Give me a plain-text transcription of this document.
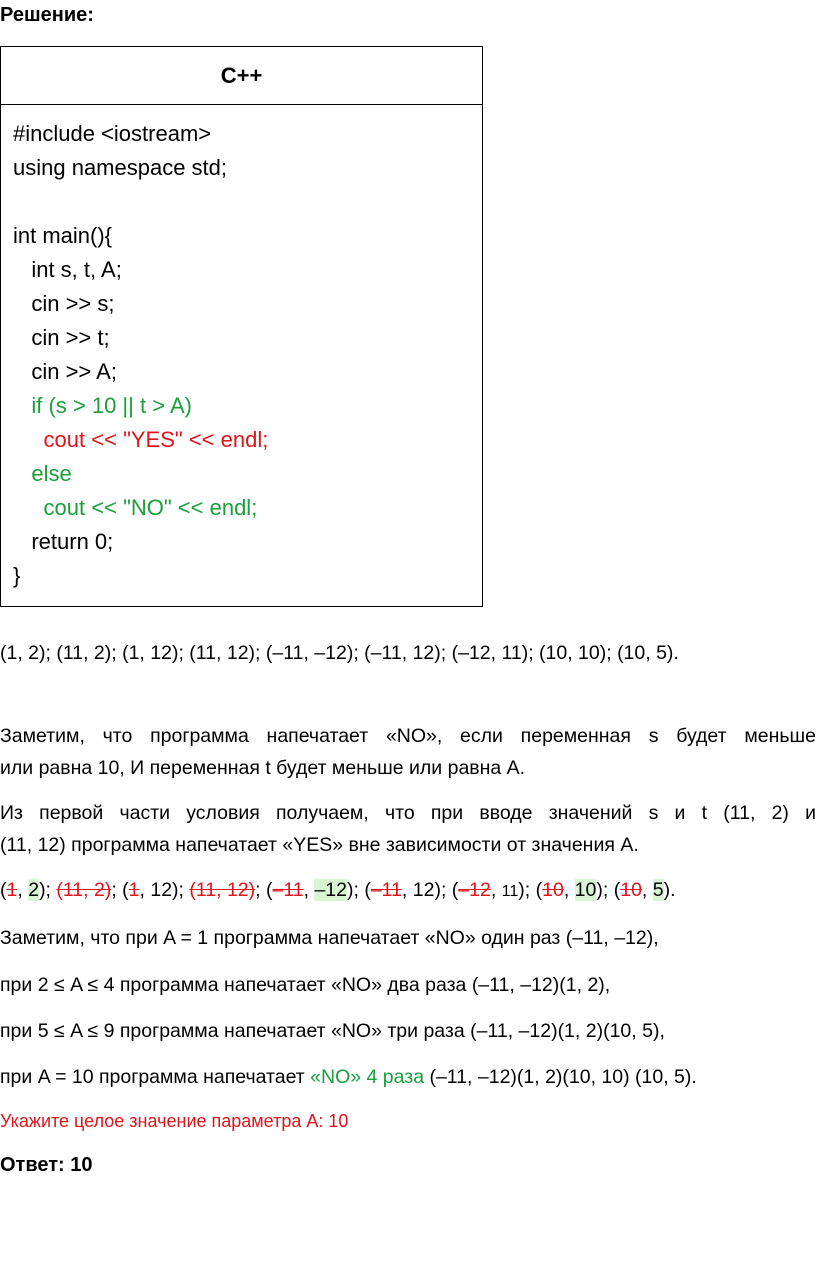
Решение:
C++
#include <iostream>
using namespace std;
int main(){
int s, t, A;
cin >> s;
cin >> t;
cin >> A;
if (s > 10 || t > A)
cout << "YES" << endl;
else
cout << "NO" << endl;
return 0;
}
(1, 2); (11, 2); (1, 12); (11, 12); (–11, –12); (–11, 12); (–12, 11); (10, 10); (10, 5).
Заметим, что программа напечатает «NO», если переменная s будет меньше
или равна 10, И переменная t будет меньше или равна A.
Из первой части условия получаем, что при вводе значений s и t (11, 2) и
(11, 12) программа напечатает «YES» вне зависимости от значения A.
(1, 2); (11, 2); (1, 12); (11, 12); (–11, –12); (–11, 12); (–12, 11); (10, 10); (10, 5).
Заметим, что при A = 1 программа напечатает «NO» один раз (–11, –12),
при 2 ≤ A ≤ 4 программа напечатает «NO» два раза (–11, –12)(1, 2),
при 5 ≤ A ≤ 9 программа напечатает «NO» три раза (–11, –12)(1, 2)(10, 5),
при A = 10 программа напечатает «NO» 4 раза (–11, –12)(1, 2)(10, 10) (10, 5).
Укажите целое значение параметра A: 10
Ответ: 10
